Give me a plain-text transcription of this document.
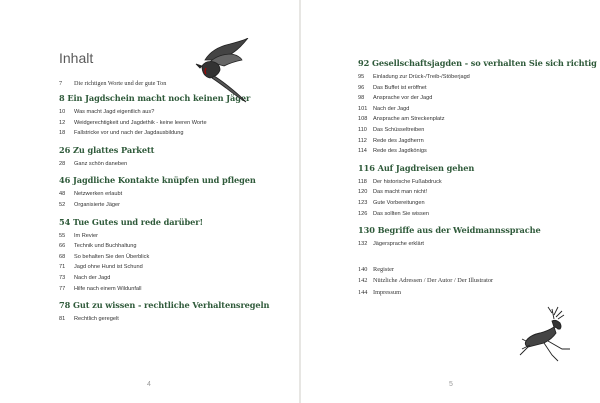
Inhalt
7 Die richtigen Worte und der gute Ton
8 Ein Jagdschein macht noch keinen Jäger
10 Was macht Jagd eigentlich aus?
12 Weidgerechtigkeit und Jagdethik - keine leeren Worte
18 Fallstricke vor und nach der Jagdausbildung
26 Zu glattes Parkett
28 Ganz schön daneben
46 Jagdliche Kontakte knüpfen und pflegen
48 Netzwerken erlaubt
52 Organisierte Jäger
54 Tue Gutes und rede darüber!
55 Im Revier
66 Technik und Buchhaltung
68 So behalten Sie den Überblick
71 Jagd ohne Hund ist Schund
73 Nach der Jagd
77 Hilfe nach einem Wildunfall
78 Gut zu wissen - rechtliche Verhaltensregeln
81 Rechtlich geregelt
92 Gesellschaftsjagden - so verhalten Sie sich richtig
95 Einladung zur Drück-/Treib-/Stöberjagd
96 Das Buffet ist eröffnet
98 Ansprache vor der Jagd
101 Nach der Jagd
108 Ansprache am Streckenplatz
110 Das Schüsseltreiben
112 Rede des Jagdherrn
114 Rede des Jagdkönigs
116 Auf Jagdreisen gehen
118 Der historische Fußabdruck
120 Das macht man nicht!
123 Gute Vorbereitungen
126 Das sollten Sie wissen
130 Begriffe aus der Weidmannssprache
132 Jägersprache erklärt
140 Register
142 Nützliche Adressen / Der Autor / Der Illustrator
144 Impressum
4	5
